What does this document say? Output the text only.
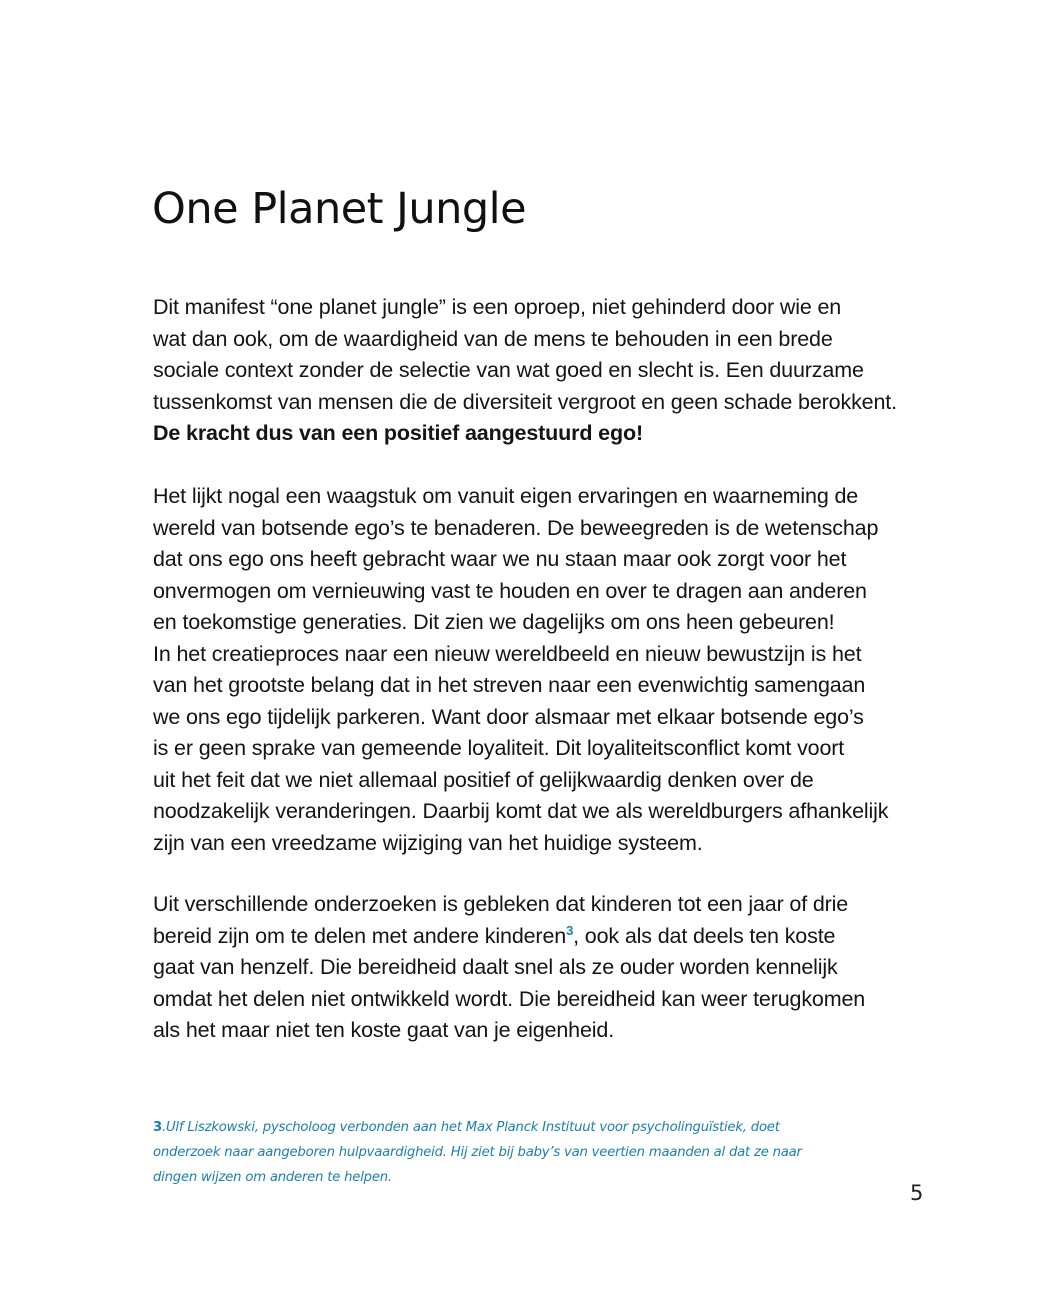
One Planet Jungle

Dit manifest “one planet jungle” is een oproep, niet gehinderd door wie en
wat dan ook, om de waardigheid van de mens te behouden in een brede
sociale context zonder de selectie van wat goed en slecht is. Een duurzame
tussenkomst van mensen die de diversiteit vergroot en geen schade berokkent.
De kracht dus van een positief aangestuurd ego!

Het lijkt nogal een waagstuk om vanuit eigen ervaringen en waarneming de
wereld van botsende ego’s te benaderen. De beweegreden is de wetenschap
dat ons ego ons heeft gebracht waar we nu staan maar ook zorgt voor het
onvermogen om vernieuwing vast te houden en over te dragen aan anderen
en toekomstige generaties. Dit zien we dagelijks om ons heen gebeuren!
In het creatieproces naar een nieuw wereldbeeld en nieuw bewustzijn is het
van het grootste belang dat in het streven naar een evenwichtig samengaan
we ons ego tijdelijk parkeren. Want door alsmaar met elkaar botsende ego’s
is er geen sprake van gemeende loyaliteit. Dit loyaliteitsconflict komt voort
uit het feit dat we niet allemaal positief of gelijkwaardig denken over de
noodzakelijk veranderingen. Daarbij komt dat we als wereldburgers afhankelijk
zijn van een vreedzame wijziging van het huidige systeem.

Uit verschillende onderzoeken is gebleken dat kinderen tot een jaar of drie
bereid zijn om te delen met andere kinderen$^3$, ook als dat deels ten koste
gaat van henzelf. Die bereidheid daalt snel als ze ouder worden kennelijk
omdat het delen niet ontwikkeld wordt. Die bereidheid kan weer terugkomen
als het maar niet ten koste gaat van je eigenheid.

3.Ulf Liszkowski, pyscholoog verbonden aan het Max Planck Instituut voor psycholinguïstiek, doet
onderzoek naar aangeboren hulpvaardigheid. Hij ziet bij baby’s van veertien maanden al dat ze naar
dingen wijzen om anderen te helpen.
5
